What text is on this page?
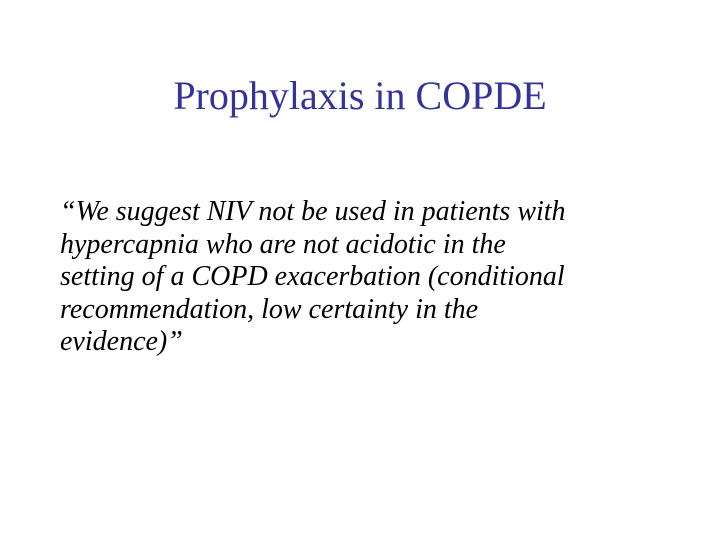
Prophylaxis in COPDE

“We suggest NIV not be used in patients with
hypercapnia who are not acidotic in the
setting of a COPD exacerbation (conditional
recommendation, low certainty in the
evidence)”
